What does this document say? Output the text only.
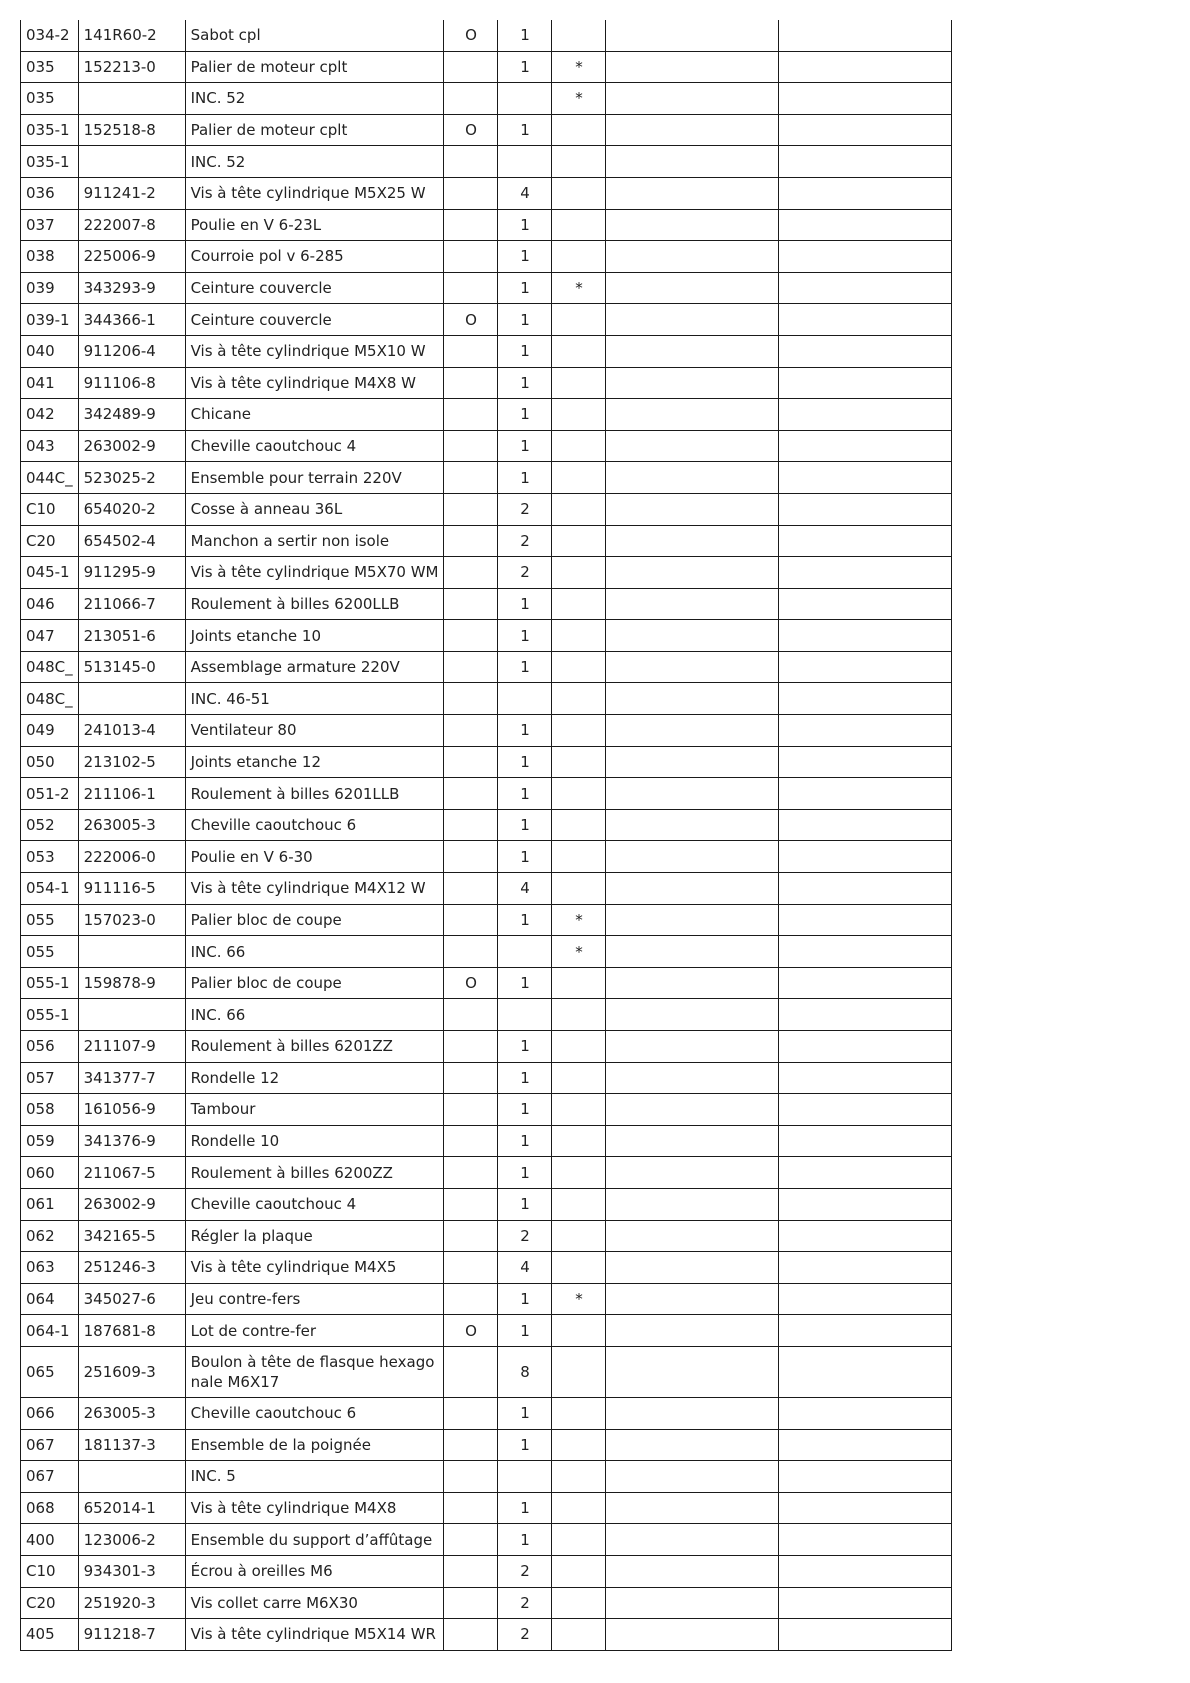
034-2	141R60-2	Sabot cpl	O	1			
035	152213-0	Palier de moteur cplt		1	*		
035		INC. 52			*		
035-1	152518-8	Palier de moteur cplt	O	1			
035-1		INC. 52					
036	911241-2	Vis à tête cylindrique M5X25 W		4			
037	222007-8	Poulie en V 6-23L		1			
038	225006-9	Courroie pol v 6-285		1			
039	343293-9	Ceinture couvercle		1	*		
039-1	344366-1	Ceinture couvercle	O	1			
040	911206-4	Vis à tête cylindrique M5X10 W		1			
041	911106-8	Vis à tête cylindrique M4X8 W		1			
042	342489-9	Chicane		1			
043	263002-9	Cheville caoutchouc 4		1			
044C_	523025-2	Ensemble pour terrain 220V		1			
C10	654020-2	Cosse à anneau 36L		2			
C20	654502-4	Manchon a sertir non isole		2			
045-1	911295-9	Vis à tête cylindrique M5X70 WM		2			
046	211066-7	Roulement à billes 6200LLB		1			
047	213051-6	Joints etanche 10		1			
048C_	513145-0	Assemblage armature 220V		1			
048C_		INC. 46-51					
049	241013-4	Ventilateur 80		1			
050	213102-5	Joints etanche 12		1			
051-2	211106-1	Roulement à billes 6201LLB		1			
052	263005-3	Cheville caoutchouc 6		1			
053	222006-0	Poulie en V 6-30		1			
054-1	911116-5	Vis à tête cylindrique M4X12 W		4			
055	157023-0	Palier bloc de coupe		1	*		
055		INC. 66			*		
055-1	159878-9	Palier bloc de coupe	O	1			
055-1		INC. 66					
056	211107-9	Roulement à billes 6201ZZ		1			
057	341377-7	Rondelle 12		1			
058	161056-9	Tambour		1			
059	341376-9	Rondelle 10		1			
060	211067-5	Roulement à billes 6200ZZ		1			
061	263002-9	Cheville caoutchouc 4		1			
062	342165-5	Régler la plaque		2			
063	251246-3	Vis à tête cylindrique M4X5		4			
064	345027-6	Jeu contre-fers		1	*		
064-1	187681-8	Lot de contre-fer	O	1			
065	251609-3	Boulon à tête de flasque hexago nale M6X17		8			
066	263005-3	Cheville caoutchouc 6		1			
067	181137-3	Ensemble de la poignée		1			
067		INC. 5					
068	652014-1	Vis à tête cylindrique M4X8		1			
400	123006-2	Ensemble du support d’affûtage		1			
C10	934301-3	Écrou à oreilles M6		2			
C20	251920-3	Vis collet carre M6X30		2			
405	911218-7	Vis à tête cylindrique M5X14 WR		2			
